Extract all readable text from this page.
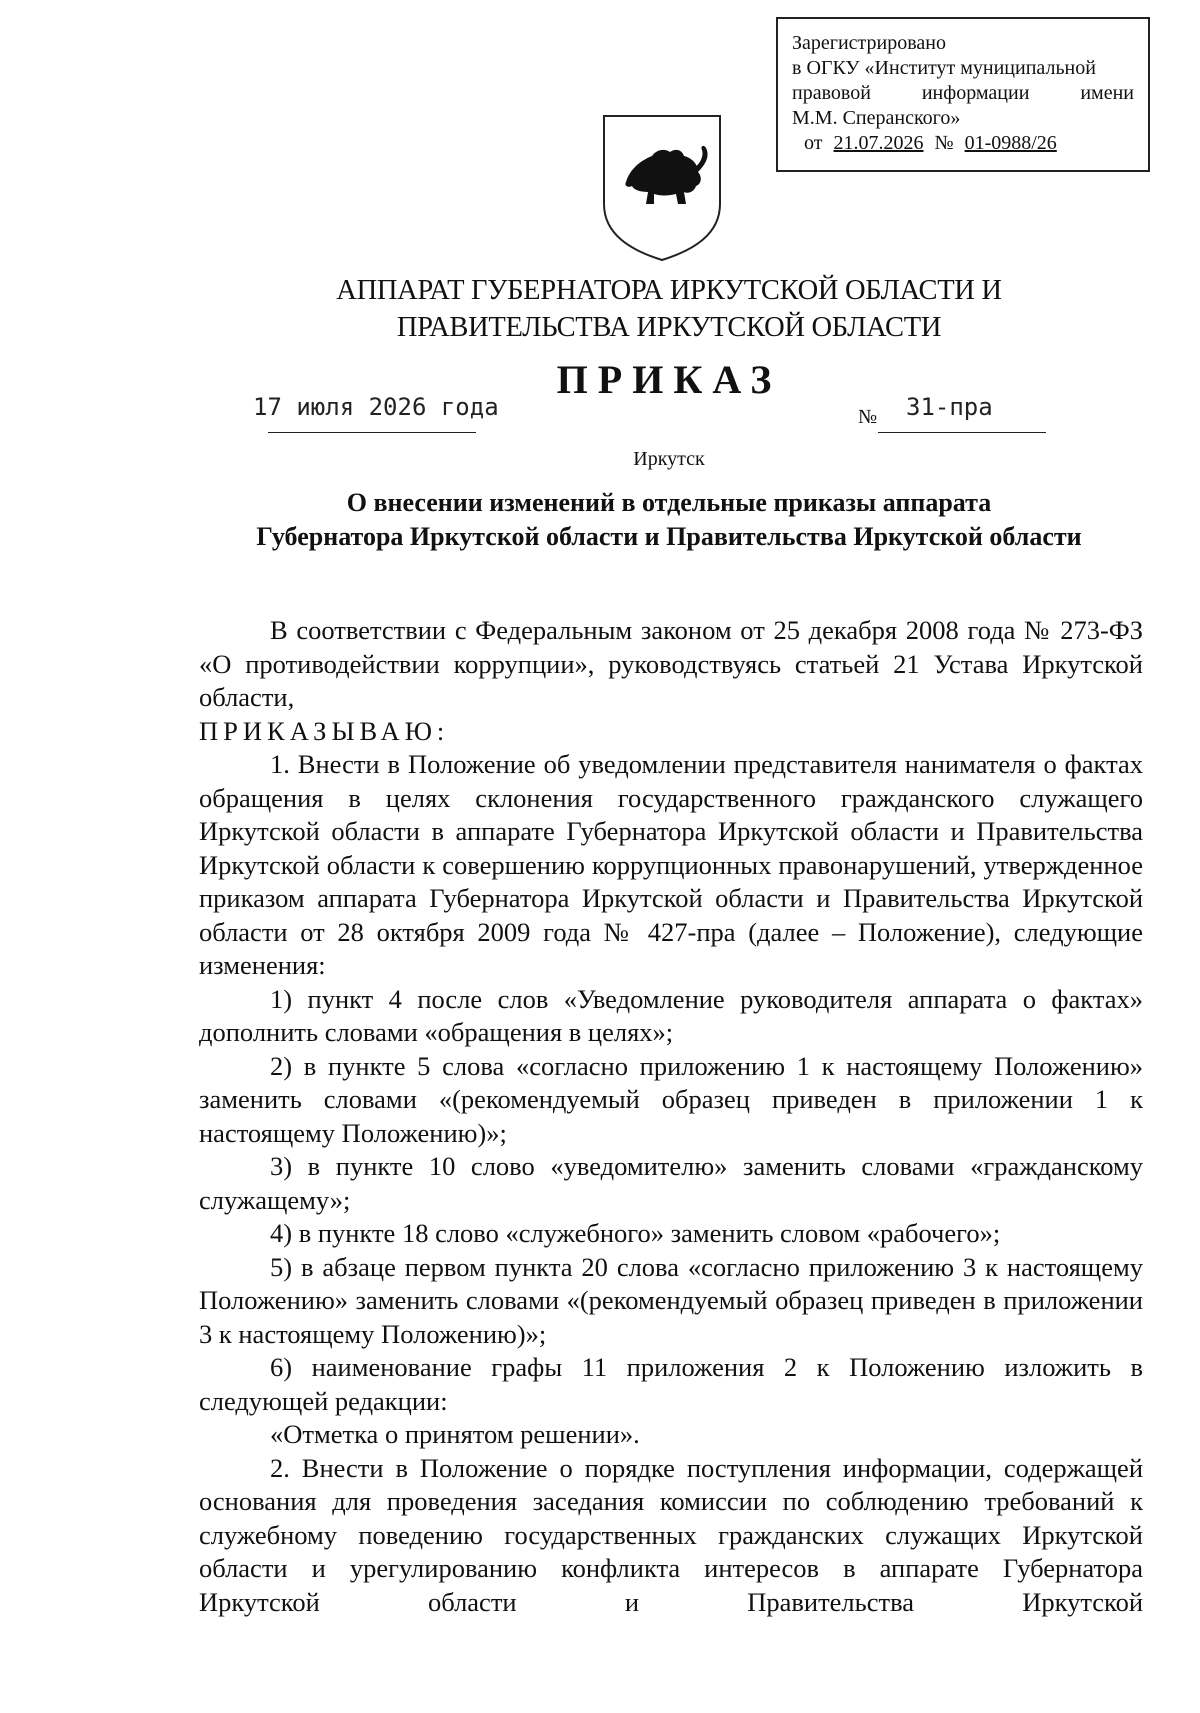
Зарегистрировано
в ОГКУ «Институт муниципальной
правовой	информации	имени
М.М. Сперанского»
от 21.07.2026 № 01-0988/26
АППАРАТ ГУБЕРНАТОРА ИРКУТСКОЙ ОБЛАСТИ И
ПРАВИТЕЛЬСТВА ИРКУТСКОЙ ОБЛАСТИ
ПРИКАЗ
17 июля 2026 года	№ 31-пра
Иркутск
О внесении изменений в отдельные приказы аппарата
Губернатора Иркутской области и Правительства Иркутской области

В соответствии с Федеральным законом от 25 декабря 2008 года № 273-ФЗ «О противодействии коррупции», руководствуясь статьей 21 Устава Иркутской области,

ПРИКАЗЫВАЮ:

1. Внести в Положение об уведомлении представителя нанимателя о фактах обращения в целях склонения государственного гражданского служащего Иркутской области в аппарате Губернатора Иркутской области и Правительства Иркутской области к совершению коррупционных правонарушений, утвержденное приказом аппарата Губернатора Иркутской области и Правительства Иркутской области от 28 октября 2009 года № 427-пра (далее – Положение), следующие изменения:

1) пункт 4 после слов «Уведомление руководителя аппарата о фактах» дополнить словами «обращения в целях»;

2) в пункте 5 слова «согласно приложению 1 к настоящему Положению» заменить словами «(рекомендуемый образец приведен в приложении 1 к настоящему Положению)»;

3) в пункте 10 слово «уведомителю» заменить словами «гражданскому служащему»;

4) в пункте 18 слово «служебного» заменить словом «рабочего»;

5) в абзаце первом пункта 20 слова «согласно приложению 3 к настоящему Положению» заменить словами «(рекомендуемый образец приведен в приложении 3 к настоящему Положению)»;

6) наименование графы 11 приложения 2 к Положению изложить в следующей редакции:

«Отметка о принятом решении».

2. Внести в Положение о порядке поступления информации, содержащей основания для проведения заседания комиссии по соблюдению требований к служебному поведению государственных гражданских служащих Иркутской области и урегулированию конфликта интересов в аппарате Губернатора Иркутской области и Правительства Иркутской
